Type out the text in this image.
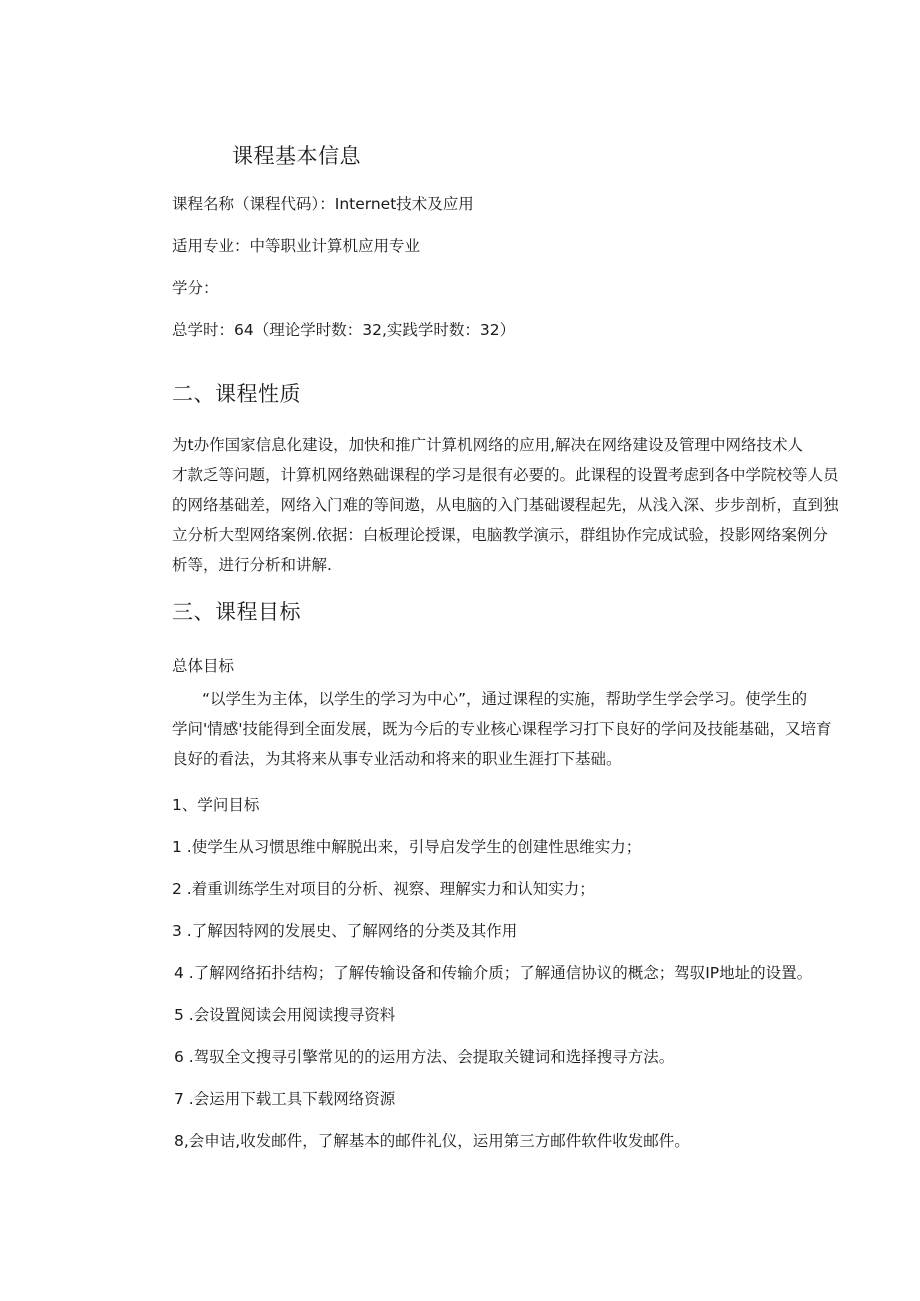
课程基本信息
课程名称（课程代码）：Internet技术及应用
适用专业：中等职业计算机应用专业
学分：
总学时：64（理论学时数：32,实践学时数：32）
二、课程性质
为t办作国家信息化建设，加快和推广计算机网络的应用,解决在网络建设及管理中网络技术人
才款乏等问题，计算机网络熟础课程的学习是很有必要的。此课程的设置考虑到各中学院校等人员
的网络基础差，网络入门难的等间遨，从电脑的入门基础谡程起先，从浅入深、步步剖析，直到独
立分析大型网络案例.依据：白板理论授课，电脑教学演示，群组协作完成试验，投影网络案例分
析等，进行分析和讲解.
三、课程目标
总体目标
“以学生为主体，以学生的学习为中心”，通过课程的实施，帮助学生学会学习。使学生的
学问'情感'技能得到全面发展，既为今后的专业核心课程学习打下良好的学问及技能基础，又培育
良好的看法，为其将来从事专业活动和将来的职业生涯打下基础。
1、学问目标
1 .使学生从习惯思维中解脱出来，引导启发学生的创建性思维实力；
2 .着重训练学生对项目的分析、视察、理解实力和认知实力；
3 .了解因特网的发展史、了解网络的分类及其作用
4 .了解网络拓扑结构；了解传输设备和传输介质；了解通信协议的概念；驾驭IP地址的设置。
5 .会设置阅读会用阅读搜寻资料
6 .驾驭全文搜寻引擎常见的的运用方法、会提取关键词和选择搜寻方法。
7 .会运用下载工具下载网络资源
8,会申诘,收发邮件，了解基本的邮件礼仪，运用第三方邮件软件收发邮件。
